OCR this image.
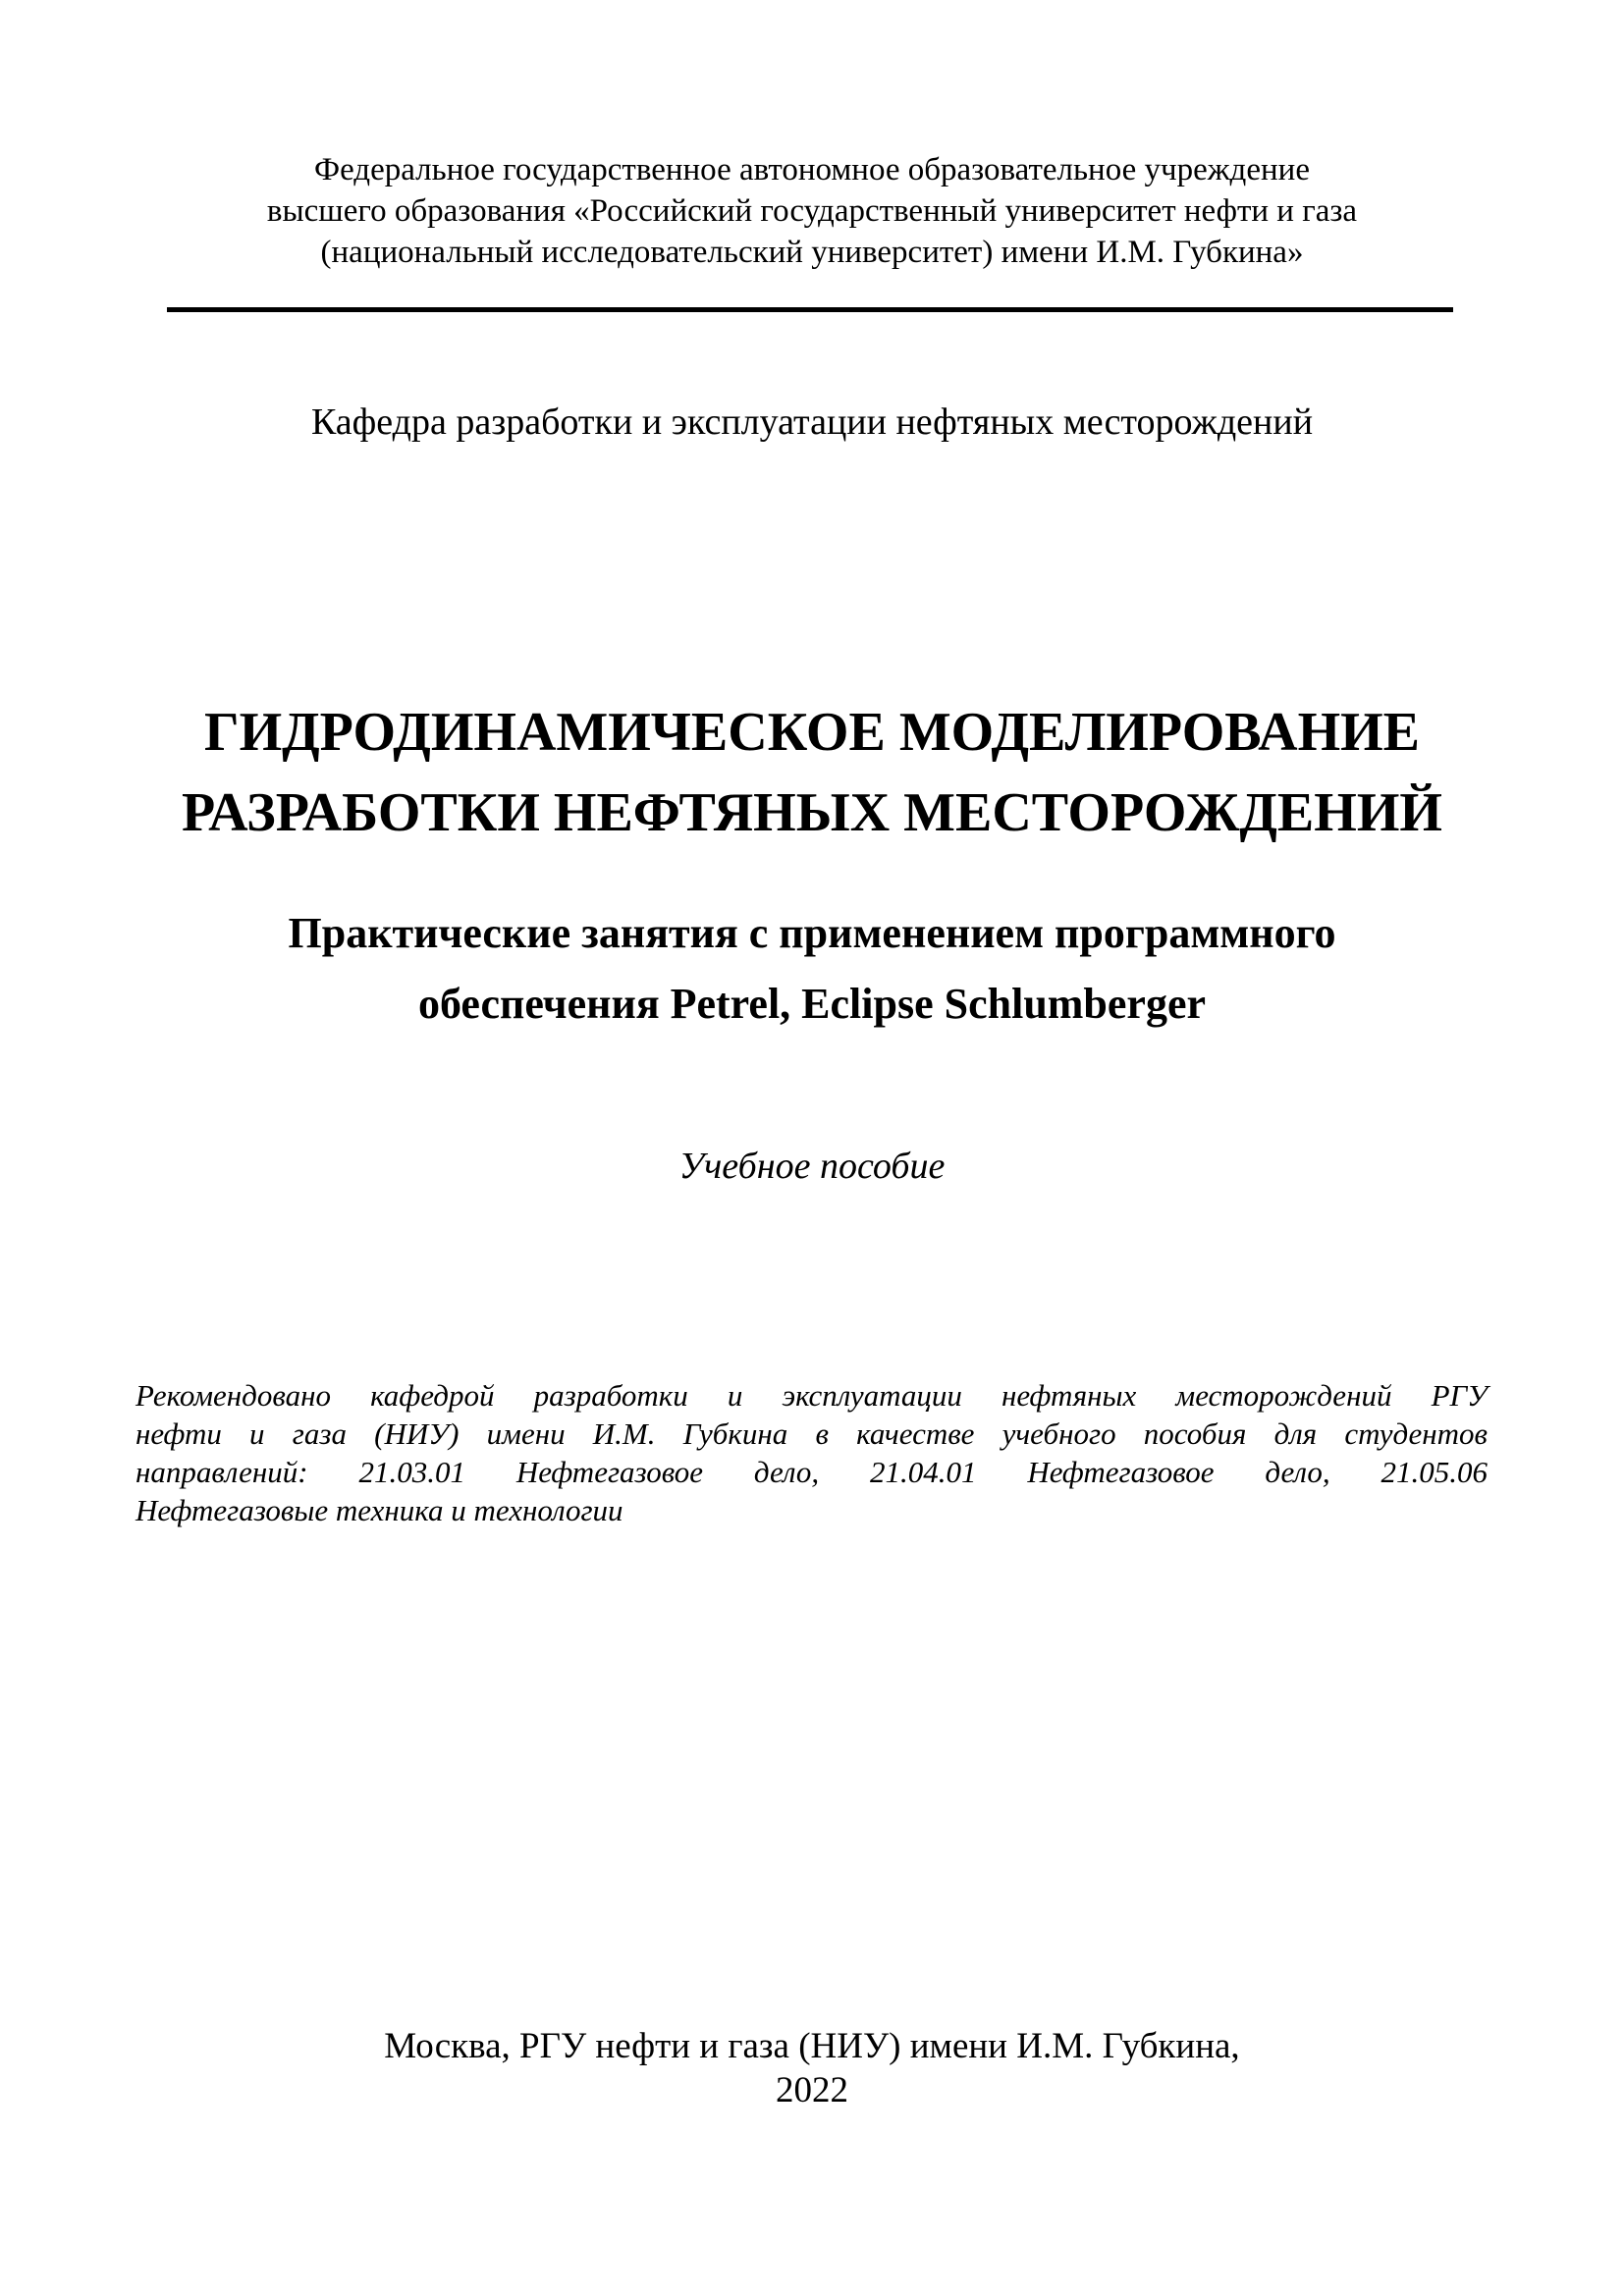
Федеральное государственное автономное образовательное учреждение
высшего образования «Российский государственный университет нефти и газа
(национальный исследовательский университет) имени И.М. Губкина»
Кафедра разработки и эксплуатации нефтяных месторождений
ГИДРОДИНАМИЧЕСКОЕ МОДЕЛИРОВАНИЕ
РАЗРАБОТКИ НЕФТЯНЫХ МЕСТОРОЖДЕНИЙ
Практические занятия с применением программного
обеспечения Petrel, Eclipse Schlumberger
Учебное пособие
Рекомендовано кафедрой разработки и эксплуатации нефтяных месторождений РГУ
нефти и газа (НИУ) имени И.М. Губкина в качестве учебного пособия для студентов
направлений: 21.03.01 Нефтегазовое дело, 21.04.01 Нефтегазовое дело, 21.05.06
Нефтегазовые техника и технологии
Москва, РГУ нефти и газа (НИУ) имени И.М. Губкина,
2022
